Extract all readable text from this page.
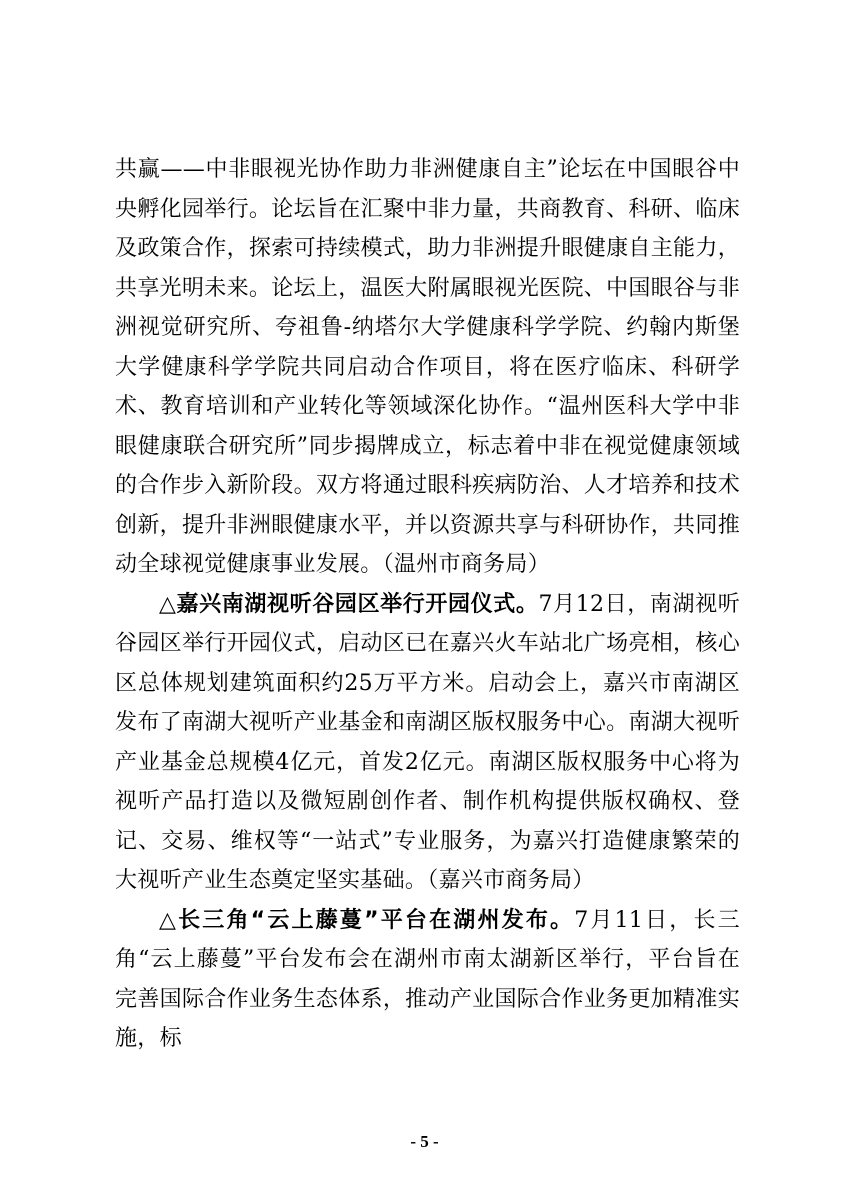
共赢——中非眼视光协作助力非洲健康自主”论坛在中国眼谷中央孵化园举行。论坛旨在汇聚中非力量，共商教育、科研、临床及政策合作，探索可持续模式，助力非洲提升眼健康自主能力，共享光明未来。论坛上，温医大附属眼视光医院、中国眼谷与非洲视觉研究所、夸祖鲁-纳塔尔大学健康科学学院、约翰内斯堡大学健康科学学院共同启动合作项目，将在医疗临床、科研学术、教育培训和产业转化等领域深化协作。“温州医科大学中非眼健康联合研究所”同步揭牌成立，标志着中非在视觉健康领域的合作步入新阶段。双方将通过眼科疾病防治、人才培养和技术创新，提升非洲眼健康水平，并以资源共享与科研协作，共同推动全球视觉健康事业发展。（温州市商务局）

△嘉兴南湖视听谷园区举行开园仪式。7月12日，南湖视听谷园区举行开园仪式，启动区已在嘉兴火车站北广场亮相，核心区总体规划建筑面积约25万平方米。启动会上，嘉兴市南湖区发布了南湖大视听产业基金和南湖区版权服务中心。南湖大视听产业基金总规模4亿元，首发2亿元。南湖区版权服务中心将为视听产品打造以及微短剧创作者、制作机构提供版权确权、登记、交易、维权等“一站式”专业服务，为嘉兴打造健康繁荣的大视听产业生态奠定坚实基础。（嘉兴市商务局）

△长三角“云上藤蔓”平台在湖州发布。7月11日，长三角“云上藤蔓”平台发布会在湖州市南太湖新区举行，平台旨在完善国际合作业务生态体系，推动产业国际合作业务更加精准实施，标

- 5 -
